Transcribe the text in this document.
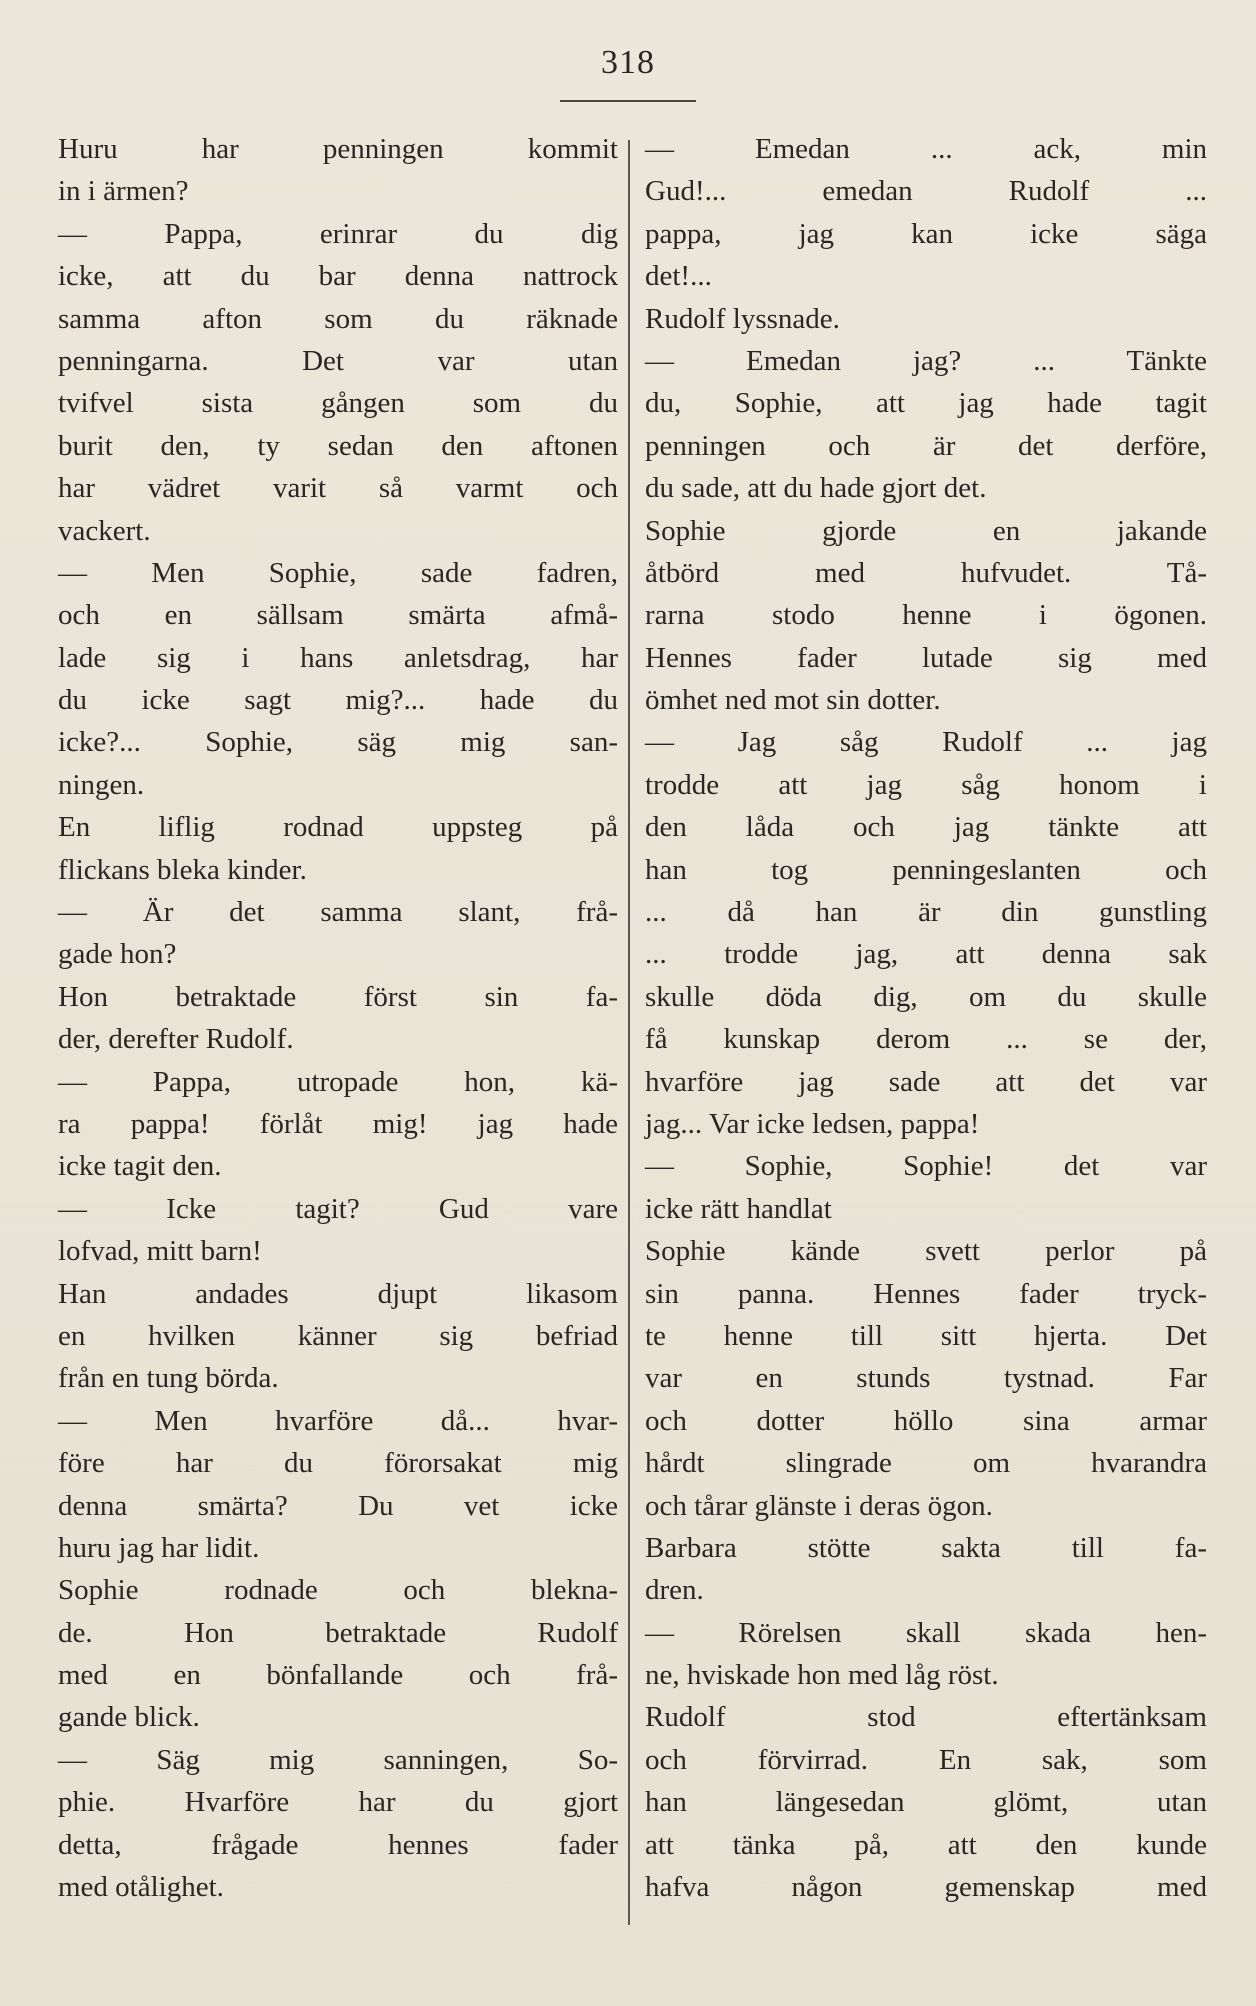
318
Huru har penningen kommit
in i ärmen?
— Pappa, erinrar du dig
icke, att du bar denna nattrock
samma afton som du räknade
penningarna. Det var utan
tvifvel sista gången som du
burit den, ty sedan den aftonen
har vädret varit så varmt och
vackert.
— Men Sophie, sade fadren,
och en sällsam smärta afmå-
lade sig i hans anletsdrag, har
du icke sagt mig?... hade du
icke?... Sophie, säg mig san-
ningen.
En liflig rodnad uppsteg på
flickans bleka kinder.
— Är det samma slant, frå-
gade hon?
Hon betraktade först sin fa-
der, derefter Rudolf.
— Pappa, utropade hon, kä-
ra pappa! förlåt mig! jag hade
icke tagit den.
— Icke tagit? Gud vare
lofvad, mitt barn!
Han andades djupt likasom
en hvilken känner sig befriad
från en tung börda.
— Men hvarföre då... hvar-
före har du förorsakat mig
denna smärta? Du vet icke
huru jag har lidit.
Sophie rodnade och blekna-
de. Hon betraktade Rudolf
med en bönfallande och frå-
gande blick.
— Säg mig sanningen, So-
phie. Hvarföre har du gjort
detta, frågade hennes fader
med otålighet.
— Emedan ... ack, min
Gud!... emedan Rudolf ...
pappa, jag kan icke säga
det!...
Rudolf lyssnade.
— Emedan jag? ... Tänkte
du, Sophie, att jag hade tagit
penningen och är det derföre,
du sade, att du hade gjort det.
Sophie gjorde en jakande
åtbörd med hufvudet. Tå-
rarna stodo henne i ögonen.
Hennes fader lutade sig med
ömhet ned mot sin dotter.
— Jag såg Rudolf ... jag
trodde att jag såg honom i
den låda och jag tänkte att
han tog penningeslanten och
... då han är din gunstling
... trodde jag, att denna sak
skulle döda dig, om du skulle
få kunskap derom ... se der,
hvarföre jag sade att det var
jag... Var icke ledsen, pappa!
— Sophie, Sophie! det var
icke rätt handlat
Sophie kände svett perlor på
sin panna. Hennes fader tryck-
te henne till sitt hjerta. Det
var en stunds tystnad. Far
och dotter höllo sina armar
hårdt slingrade om hvarandra
och tårar glänste i deras ögon.
Barbara stötte sakta till fa-
dren.
— Rörelsen skall skada hen-
ne, hviskade hon med låg röst.
Rudolf stod eftertänksam
och förvirrad. En sak, som
han längesedan glömt, utan
att tänka på, att den kunde
hafva någon gemenskap med
